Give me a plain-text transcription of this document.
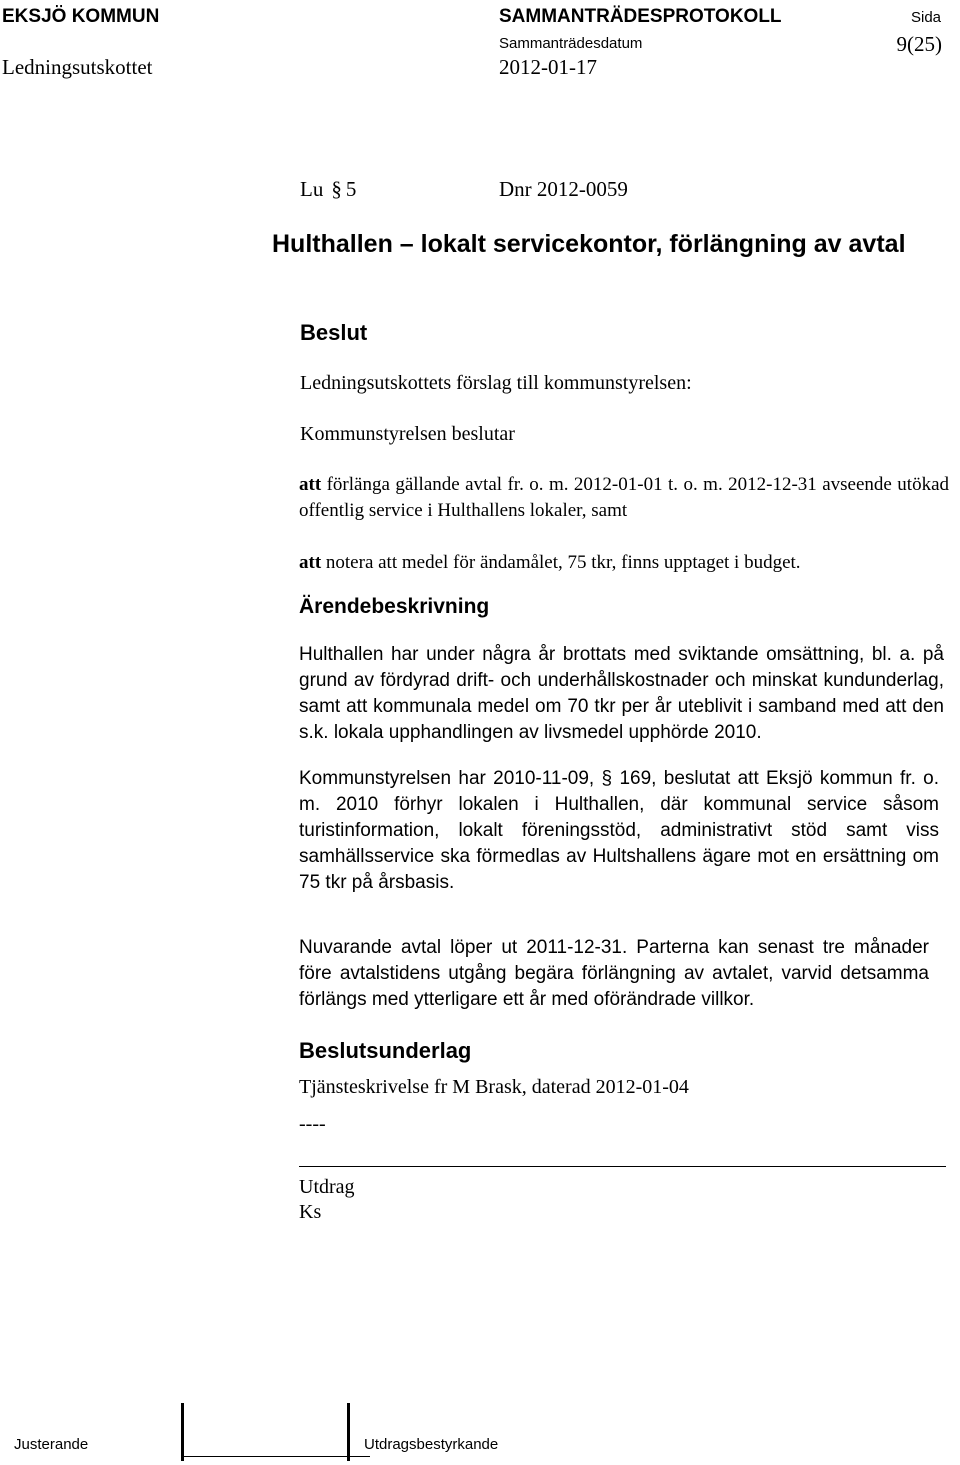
EKSJÖ KOMMUN	SAMMANTRÄDESPROTOKOLL	Sida
Sammanträdesdatum	9(25)
Ledningsutskottet	2012-01-17
Lu § 5	Dnr 2012-0059
Hulthallen – lokalt servicekontor, förlängning av avtal
Beslut
Ledningsutskottets förslag till kommunstyrelsen:
Kommunstyrelsen beslutar
att förlänga gällande avtal fr. o. m. 2012-01-01 t. o. m. 2012-12-31 avseende utökad offentlig service i Hulthallens lokaler, samt
att notera att medel för ändamålet, 75 tkr, finns upptaget i budget.
Ärendebeskrivning
Hulthallen har under några år brottats med sviktande omsättning, bl. a. på grund av fördyrad drift- och underhållskostnader och minskat kundunderlag, samt att kommunala medel om 70 tkr per år uteblivit i samband med att den s.k. lokala upphandlingen av livsmedel upphörde 2010.
Kommunstyrelsen har 2010-11-09, § 169, beslutat att Eksjö kommun fr. o. m. 2010 förhyr lokalen i Hulthallen, där kommunal service såsom turistinformation, lokalt föreningsstöd, administrativt stöd samt viss samhällsservice ska förmedlas av Hultshallens ägare mot en ersättning om 75 tkr på årsbasis.
Nuvarande avtal löper ut 2011-12-31. Parterna kan senast tre månader före avtalstidens utgång begära förlängning av avtalet, varvid detsamma förlängs med ytterligare ett år med oförändrade villkor.
Beslutsunderlag
Tjänsteskrivelse fr M Brask, daterad 2012-01-04
----
Utdrag
Ks
Justerande	Utdragsbestyrkande
